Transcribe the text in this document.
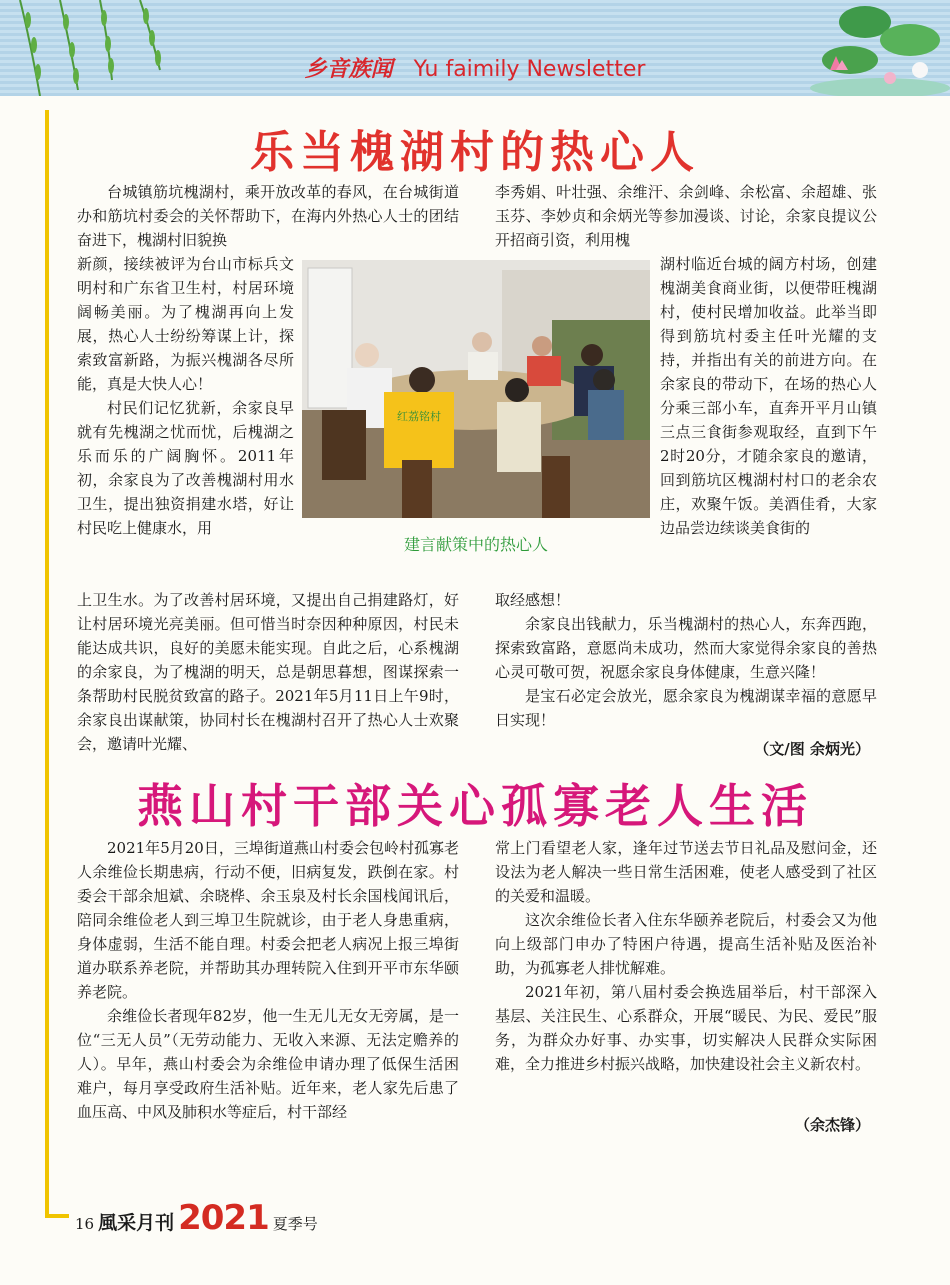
乡音族闻 Yu faimily Newsletter
乐当槐湖村的热心人

台城镇筋坑槐湖村，乘开放改革的春风，在台城街道办和筋坑村委会的关怀帮助下，在海内外热心人士的团结奋进下，槐湖村旧貌换

新颜，接续被评为台山市标兵文明村和广东省卫生村，村居环境阔畅美丽。为了槐湖再向上发展，热心人士纷纷筹谋上计，探索致富新路，为振兴槐湖各尽所能，真是大快人心！

村民们记忆犹新，余家良早就有先槐湖之忧而忧，后槐湖之乐而乐的广阔胸怀。2011年初，余家良为了改善槐湖村用水卫生，提出独资捐建水塔，好让村民吃上健康水，用

上卫生水。为了改善村居环境，又提出自己捐建路灯，好让村居环境光亮美丽。但可惜当时奈因种种原因，村民未能达成共识，良好的美愿未能实现。自此之后，心系槐湖的余家良，为了槐湖的明天，总是朝思暮想，图谋探索一条帮助村民脱贫致富的路子。2021年5月11日上午9时，余家良出谋献策，协同村长在槐湖村召开了热心人士欢聚会，邀请叶光耀、

李秀娟、叶壮强、余维汗、余剑峰、余松富、余超雄、张玉芬、李妙贞和余炳光等参加漫谈、讨论，余家良提议公开招商引资，利用槐

湖村临近台城的阔方村场，创建槐湖美食商业街，以便带旺槐湖村，使村民增加收益。此举当即得到筋坑村委主任叶光耀的支持，并指出有关的前进方向。在余家良的带动下，在场的热心人分乘三部小车，直奔开平月山镇三点三食街参观取经，直到下午2时20分，才随余家良的邀请，回到筋坑区槐湖村村口的老余农庄，欢聚午饭。美酒佳肴，大家边品尝边续谈美食街的

取经感想！

余家良出钱献力，乐当槐湖村的热心人，东奔西跑，探索致富路，意愿尚未成功，然而大家觉得余家良的善热心灵可敬可贺，祝愿余家良身体健康，生意兴隆！

是宝石必定会放光，愿余家良为槐湖谋幸福的意愿早日实现！

红荔铭村
建言献策中的热心人
（文/图 余炳光）
燕山村干部关心孤寡老人生活

2021年5月20日，三埠街道燕山村委会包岭村孤寡老人余维俭长期患病，行动不便，旧病复发，跌倒在家。村委会干部余旭斌、余晓桦、余玉泉及村长余国栈闻讯后，陪同余维俭老人到三埠卫生院就诊，由于老人身患重病，身体虚弱，生活不能自理。村委会把老人病况上报三埠街道办联系养老院，并帮助其办理转院入住到开平市东华颐养老院。

余维俭长者现年82岁，他一生无儿无女无旁属，是一位“三无人员”（无劳动能力、无收入来源、无法定赡养的人）。早年，燕山村委会为余维俭申请办理了低保生活困难户，每月享受政府生活补贴。近年来，老人家先后患了血压高、中风及肺积水等症后，村干部经

常上门看望老人家，逢年过节送去节日礼品及慰问金，还设法为老人解决一些日常生活困难，使老人感受到了社区的关爱和温暖。

这次余维俭长者入住东华颐养老院后，村委会又为他向上级部门申办了特困户待遇，提高生活补贴及医治补助，为孤寡老人排忧解难。

2021年初，第八届村委会换选届举后，村干部深入基层、关注民生、心系群众，开展“暖民、为民、爱民”服务，为群众办好事、办实事，切实解决人民群众实际困难，全力推进乡村振兴战略，加快建设社会主义新农村。

（余杰锋）
16 風采月刊 2021 夏季号
